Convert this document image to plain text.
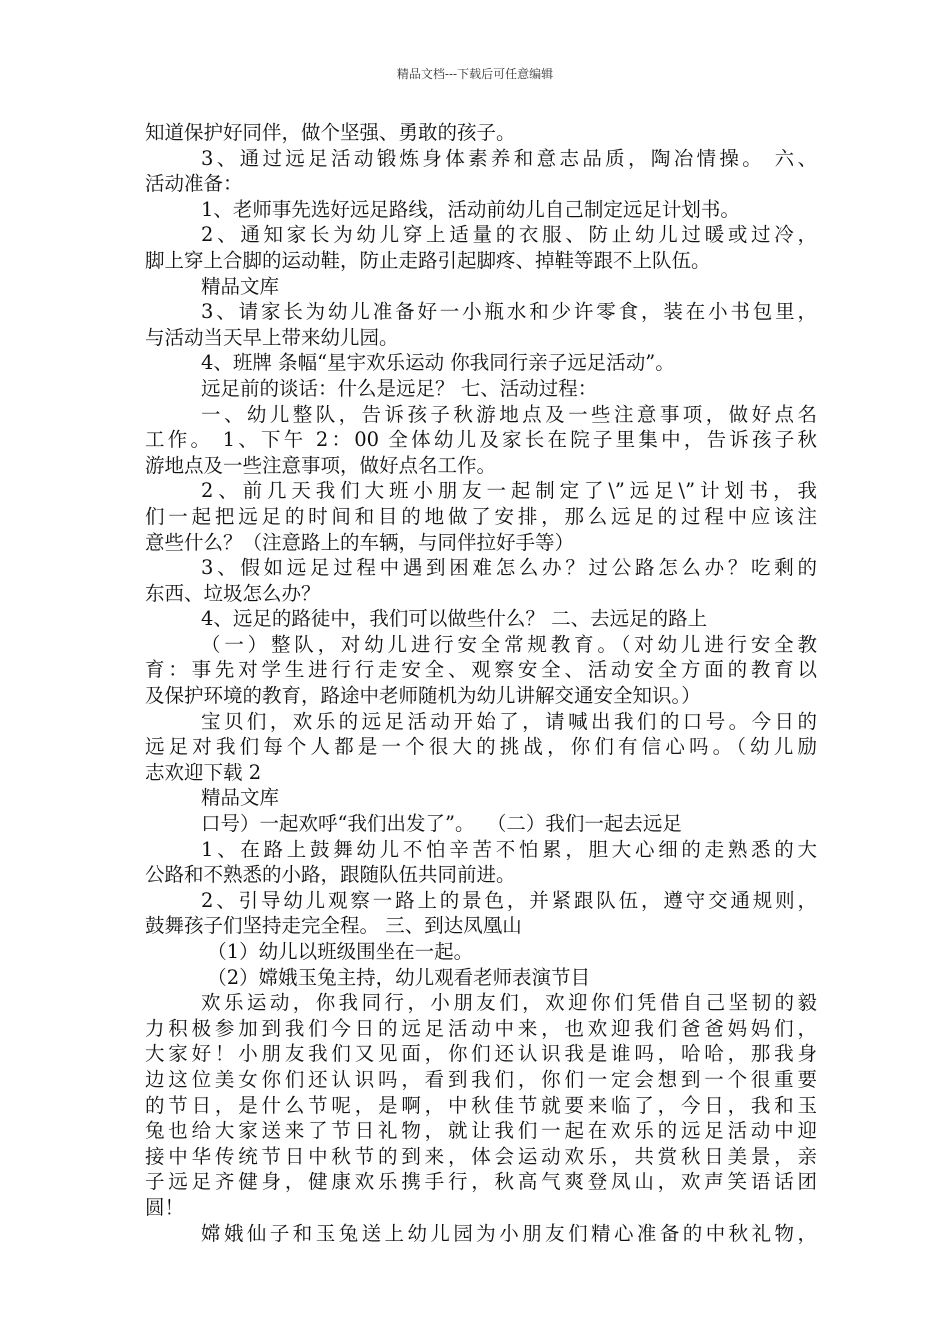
精品文档---下载后可任意编辑
知道保护好同伴，做个坚强、勇敢的孩子。
3、通过远足活动锻炼身体素养和意志品质，陶冶情操。 六、
活动准备：
1、老师事先选好远足路线，活动前幼儿自己制定远足计划书。
2、通知家长为幼儿穿上适量的衣服、防止幼儿过暖或过冷，
脚上穿上合脚的运动鞋，防止走路引起脚疼、掉鞋等跟不上队伍。
精品文库
3、请家长为幼儿准备好一小瓶水和少许零食，装在小书包里，
与活动当天早上带来幼儿园。
4、班牌 条幅“星宇欢乐运动 你我同行亲子远足活动”。
远足前的谈话：什么是远足？ 七、活动过程：
一、幼儿整队，告诉孩子秋游地点及一些注意事项，做好点名
工作。 1、下午 2：00 全体幼儿及家长在院子里集中，告诉孩子秋
游地点及一些注意事项，做好点名工作。
2、前几天我们大班小朋友一起制定了\”远足\”计划书，我
们一起把远足的时间和目的地做了安排，那么远足的过程中应该注
意些什么？（注意路上的车辆，与同伴拉好手等）
3、假如远足过程中遇到困难怎么办？过公路怎么办？吃剩的
东西、垃圾怎么办？
4、远足的路徒中，我们可以做些什么？ 二、去远足的路上
（一）整队，对幼儿进行安全常规教育。（对幼儿进行安全教
育：事先对学生进行行走安全、观察安全、活动安全方面的教育以
及保护环境的教育，路途中老师随机为幼儿讲解交通安全知识。）
宝贝们，欢乐的远足活动开始了，请喊出我们的口号。今日的
远足对我们每个人都是一个很大的挑战，你们有信心吗。（幼儿励
志欢迎下载 2
精品文库
口号）一起欢呼“我们出发了”。  （二）我们一起去远足
1、在路上鼓舞幼儿不怕辛苦不怕累，胆大心细的走熟悉的大
公路和不熟悉的小路，跟随队伍共同前进。
2、引导幼儿观察一路上的景色，并紧跟队伍，遵守交通规则，
鼓舞孩子们坚持走完全程。 三、到达凤凰山
（1）幼儿以班级围坐在一起。
（2）嫦娥玉兔主持，幼儿观看老师表演节目
欢乐运动，你我同行，小朋友们，欢迎你们凭借自己坚韧的毅
力积极参加到我们今日的远足活动中来，也欢迎我们爸爸妈妈们，
大家好！小朋友我们又见面，你们还认识我是谁吗，哈哈，那我身
边这位美女你们还认识吗，看到我们，你们一定会想到一个很重要
的节日，是什么节呢，是啊，中秋佳节就要来临了，今日，我和玉
兔也给大家送来了节日礼物，就让我们一起在欢乐的远足活动中迎
接中华传统节日中秋节的到来，体会运动欢乐，共赏秋日美景，亲
子远足齐健身，健康欢乐携手行，秋高气爽登凤山，欢声笑语话团
圆！
嫦娥仙子和玉兔送上幼儿园为小朋友们精心准备的中秋礼物，
